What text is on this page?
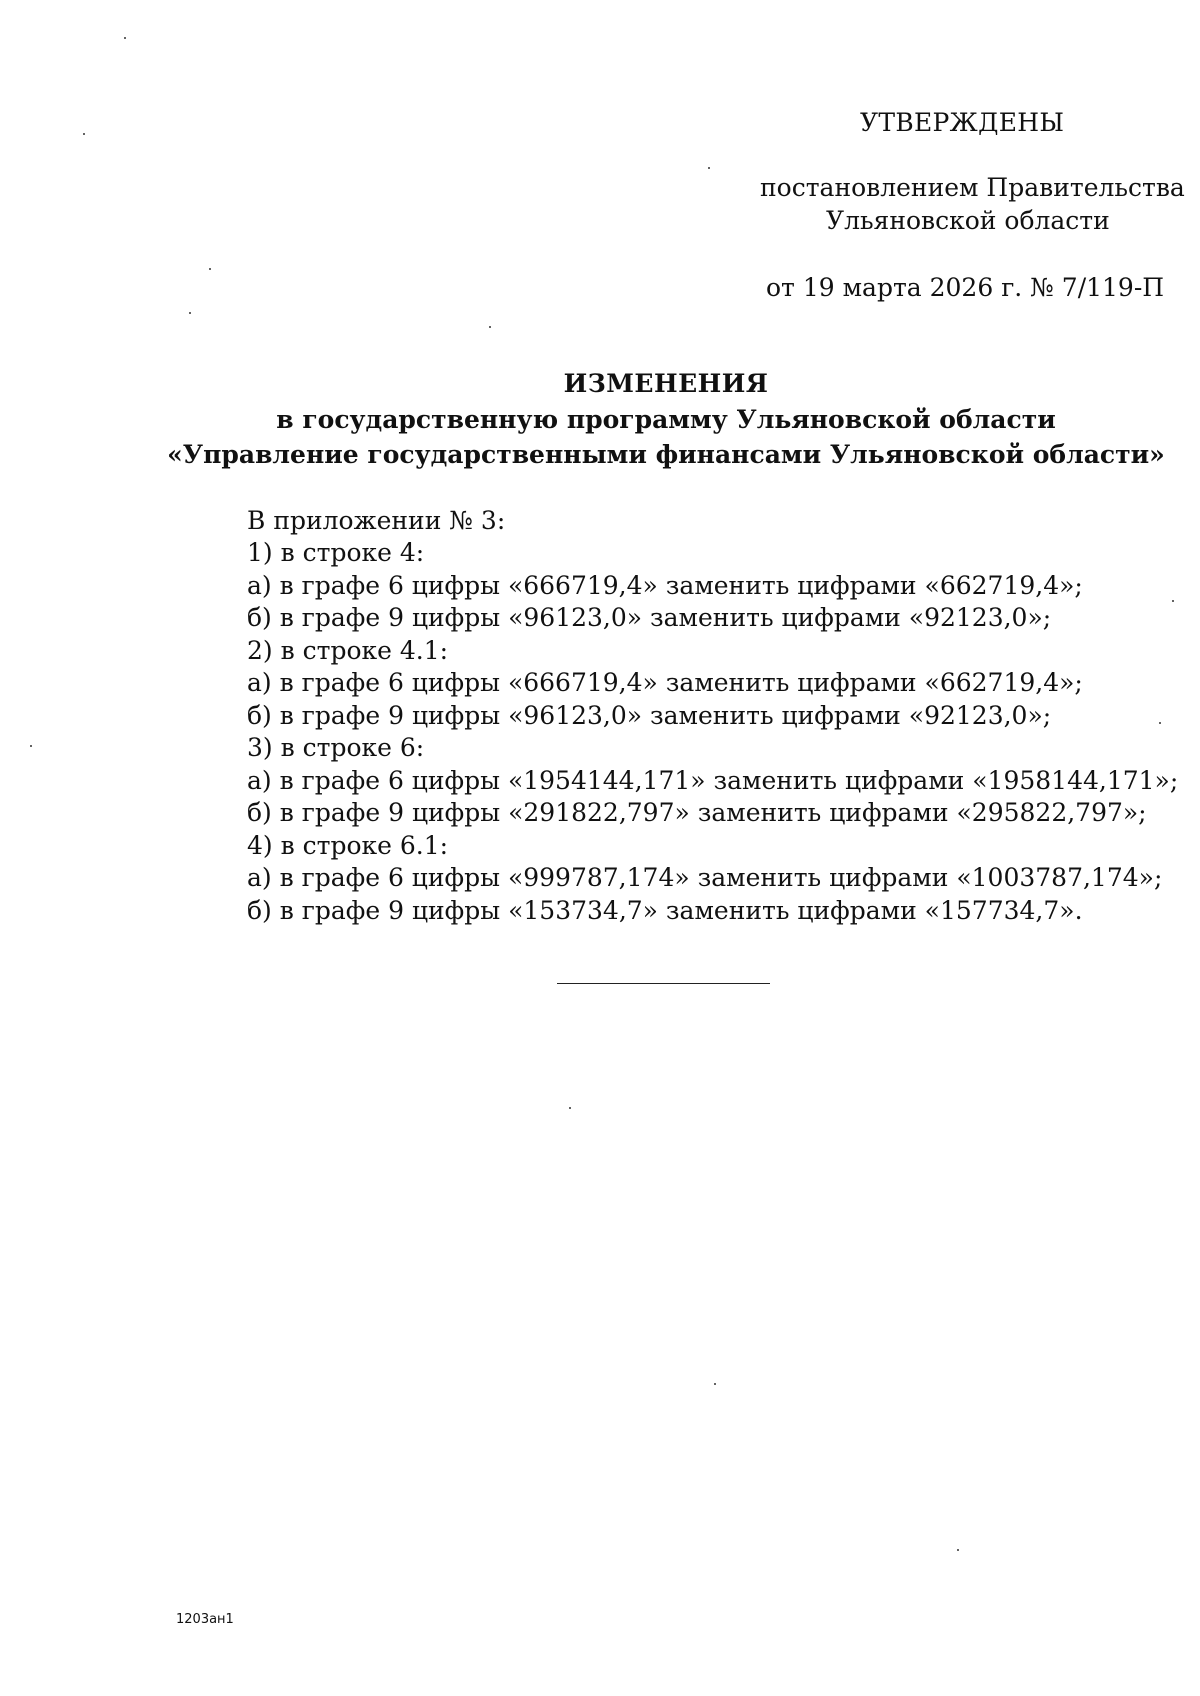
УТВЕРЖДЕНЫ
постановлением Правительства
Ульяновской области
от 19 марта 2026 г. № 7/119-П
ИЗМЕНЕНИЯ
в государственную программу Ульяновской области
«Управление государственными финансами Ульяновской области»
В приложении № 3:
1) в строке 4:
а) в графе 6 цифры «666719,4» заменить цифрами «662719,4»;
б) в графе 9 цифры «96123,0» заменить цифрами «92123,0»;
2) в строке 4.1:
а) в графе 6 цифры «666719,4» заменить цифрами «662719,4»;
б) в графе 9 цифры «96123,0» заменить цифрами «92123,0»;
3) в строке 6:
а) в графе 6 цифры «1954144,171» заменить цифрами «1958144,171»;
б) в графе 9 цифры «291822,797» заменить цифрами «295822,797»;
4) в строке 6.1:
а) в графе 6 цифры «999787,174» заменить цифрами «1003787,174»;
б) в графе 9 цифры «153734,7» заменить цифрами «157734,7».
1203ан1
